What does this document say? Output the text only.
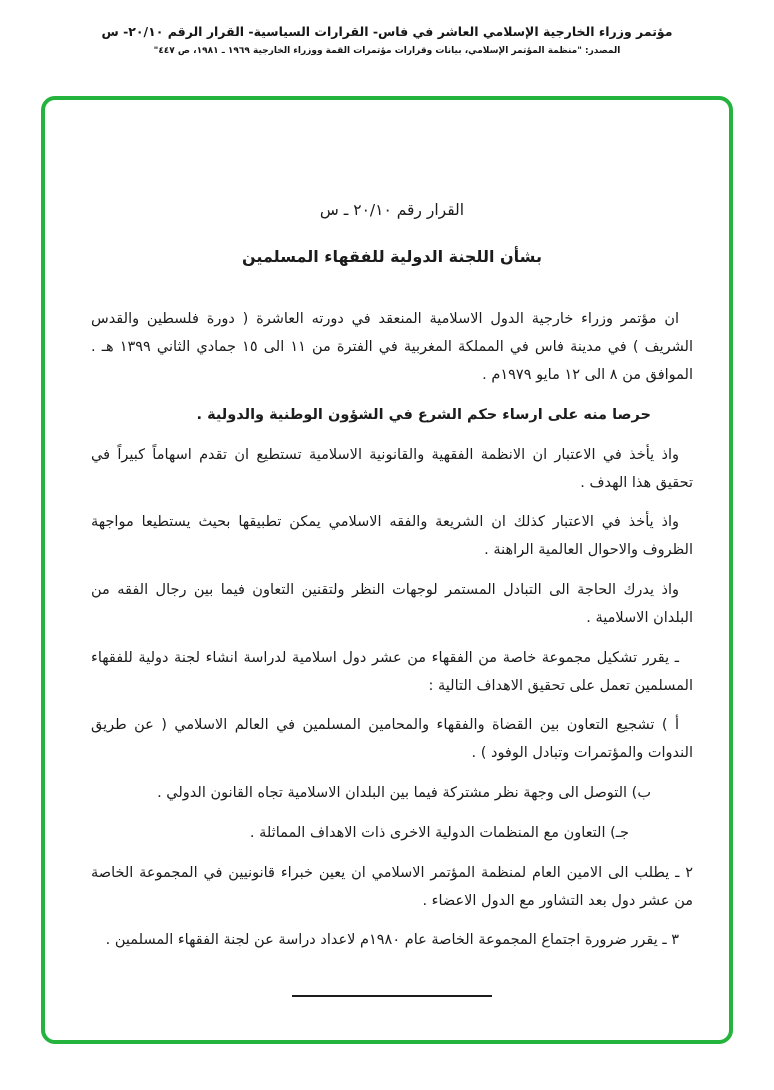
مؤتمر وزراء الخارجية الإسلامي العاشر في فاس- القرارات السياسية- القرار الرقم ٢٠/١٠- س
المصدر: "منظمة المؤتمر الإسلامي، بيانات وقرارات مؤتمرات القمة ووزراء الخارجية ١٩٦٩ ـ ١٩٨١، ص ٤٤٧"
القرار رقم ٢٠/١٠ ـ س
بشأن اللجنة الدولية للفقهاء المسلمين

ان مؤتمر وزراء خارجية الدول الاسلامية المنعقد في دورته العاشرة ( دورة فلسطين والقدس الشريف ) في مدينة فاس في المملكة المغربية في الفترة من ١١ الى ١٥ جمادي الثاني ١٣٩٩ هـ . الموافق من ٨ الى ١٢ مايو ١٩٧٩م .

حرصا منه على ارساء حكم الشرع في الشؤون الوطنية والدولية .

واذ يأخذ في الاعتبار ان الانظمة الفقهية والقانونية الاسلامية تستطيع ان تقدم اسهاماً كبيراً في تحقيق هذا الهدف .

واذ يأخذ في الاعتبار كذلك ان الشريعة والفقه الاسلامي يمكن تطبيقها بحيث يستطيعا مواجهة الظروف والاحوال العالمية الراهنة .

واذ يدرك الحاجة الى التبادل المستمر لوجهات النظر ولتقنين التعاون فيما بين رجال الفقه من البلدان الاسلامية .

ـ يقرر تشكيل مجموعة خاصة من الفقهاء من عشر دول اسلامية لدراسة انشاء لجنة دولية للفقهاء المسلمين تعمل على تحقيق الاهداف التالية :

أ ) تشجيع التعاون بين القضاة والفقهاء والمحامين المسلمين في العالم الاسلامي ( عن طريق الندوات والمؤتمرات وتبادل الوفود ) .

ب) التوصل الى وجهة نظر مشتركة فيما بين البلدان الاسلامية تجاه القانون الدولي .

جـ) التعاون مع المنظمات الدولية الاخرى ذات الاهداف المماثلة .

٢ ـ يطلب الى الامين العام لمنظمة المؤتمر الاسلامي ان يعين خبراء قانونيين في المجموعة الخاصة من عشر دول بعد التشاور مع الدول الاعضاء .

٣ ـ يقرر ضرورة اجتماع المجموعة الخاصة عام ١٩٨٠م لاعداد دراسة عن لجنة الفقهاء المسلمين .
